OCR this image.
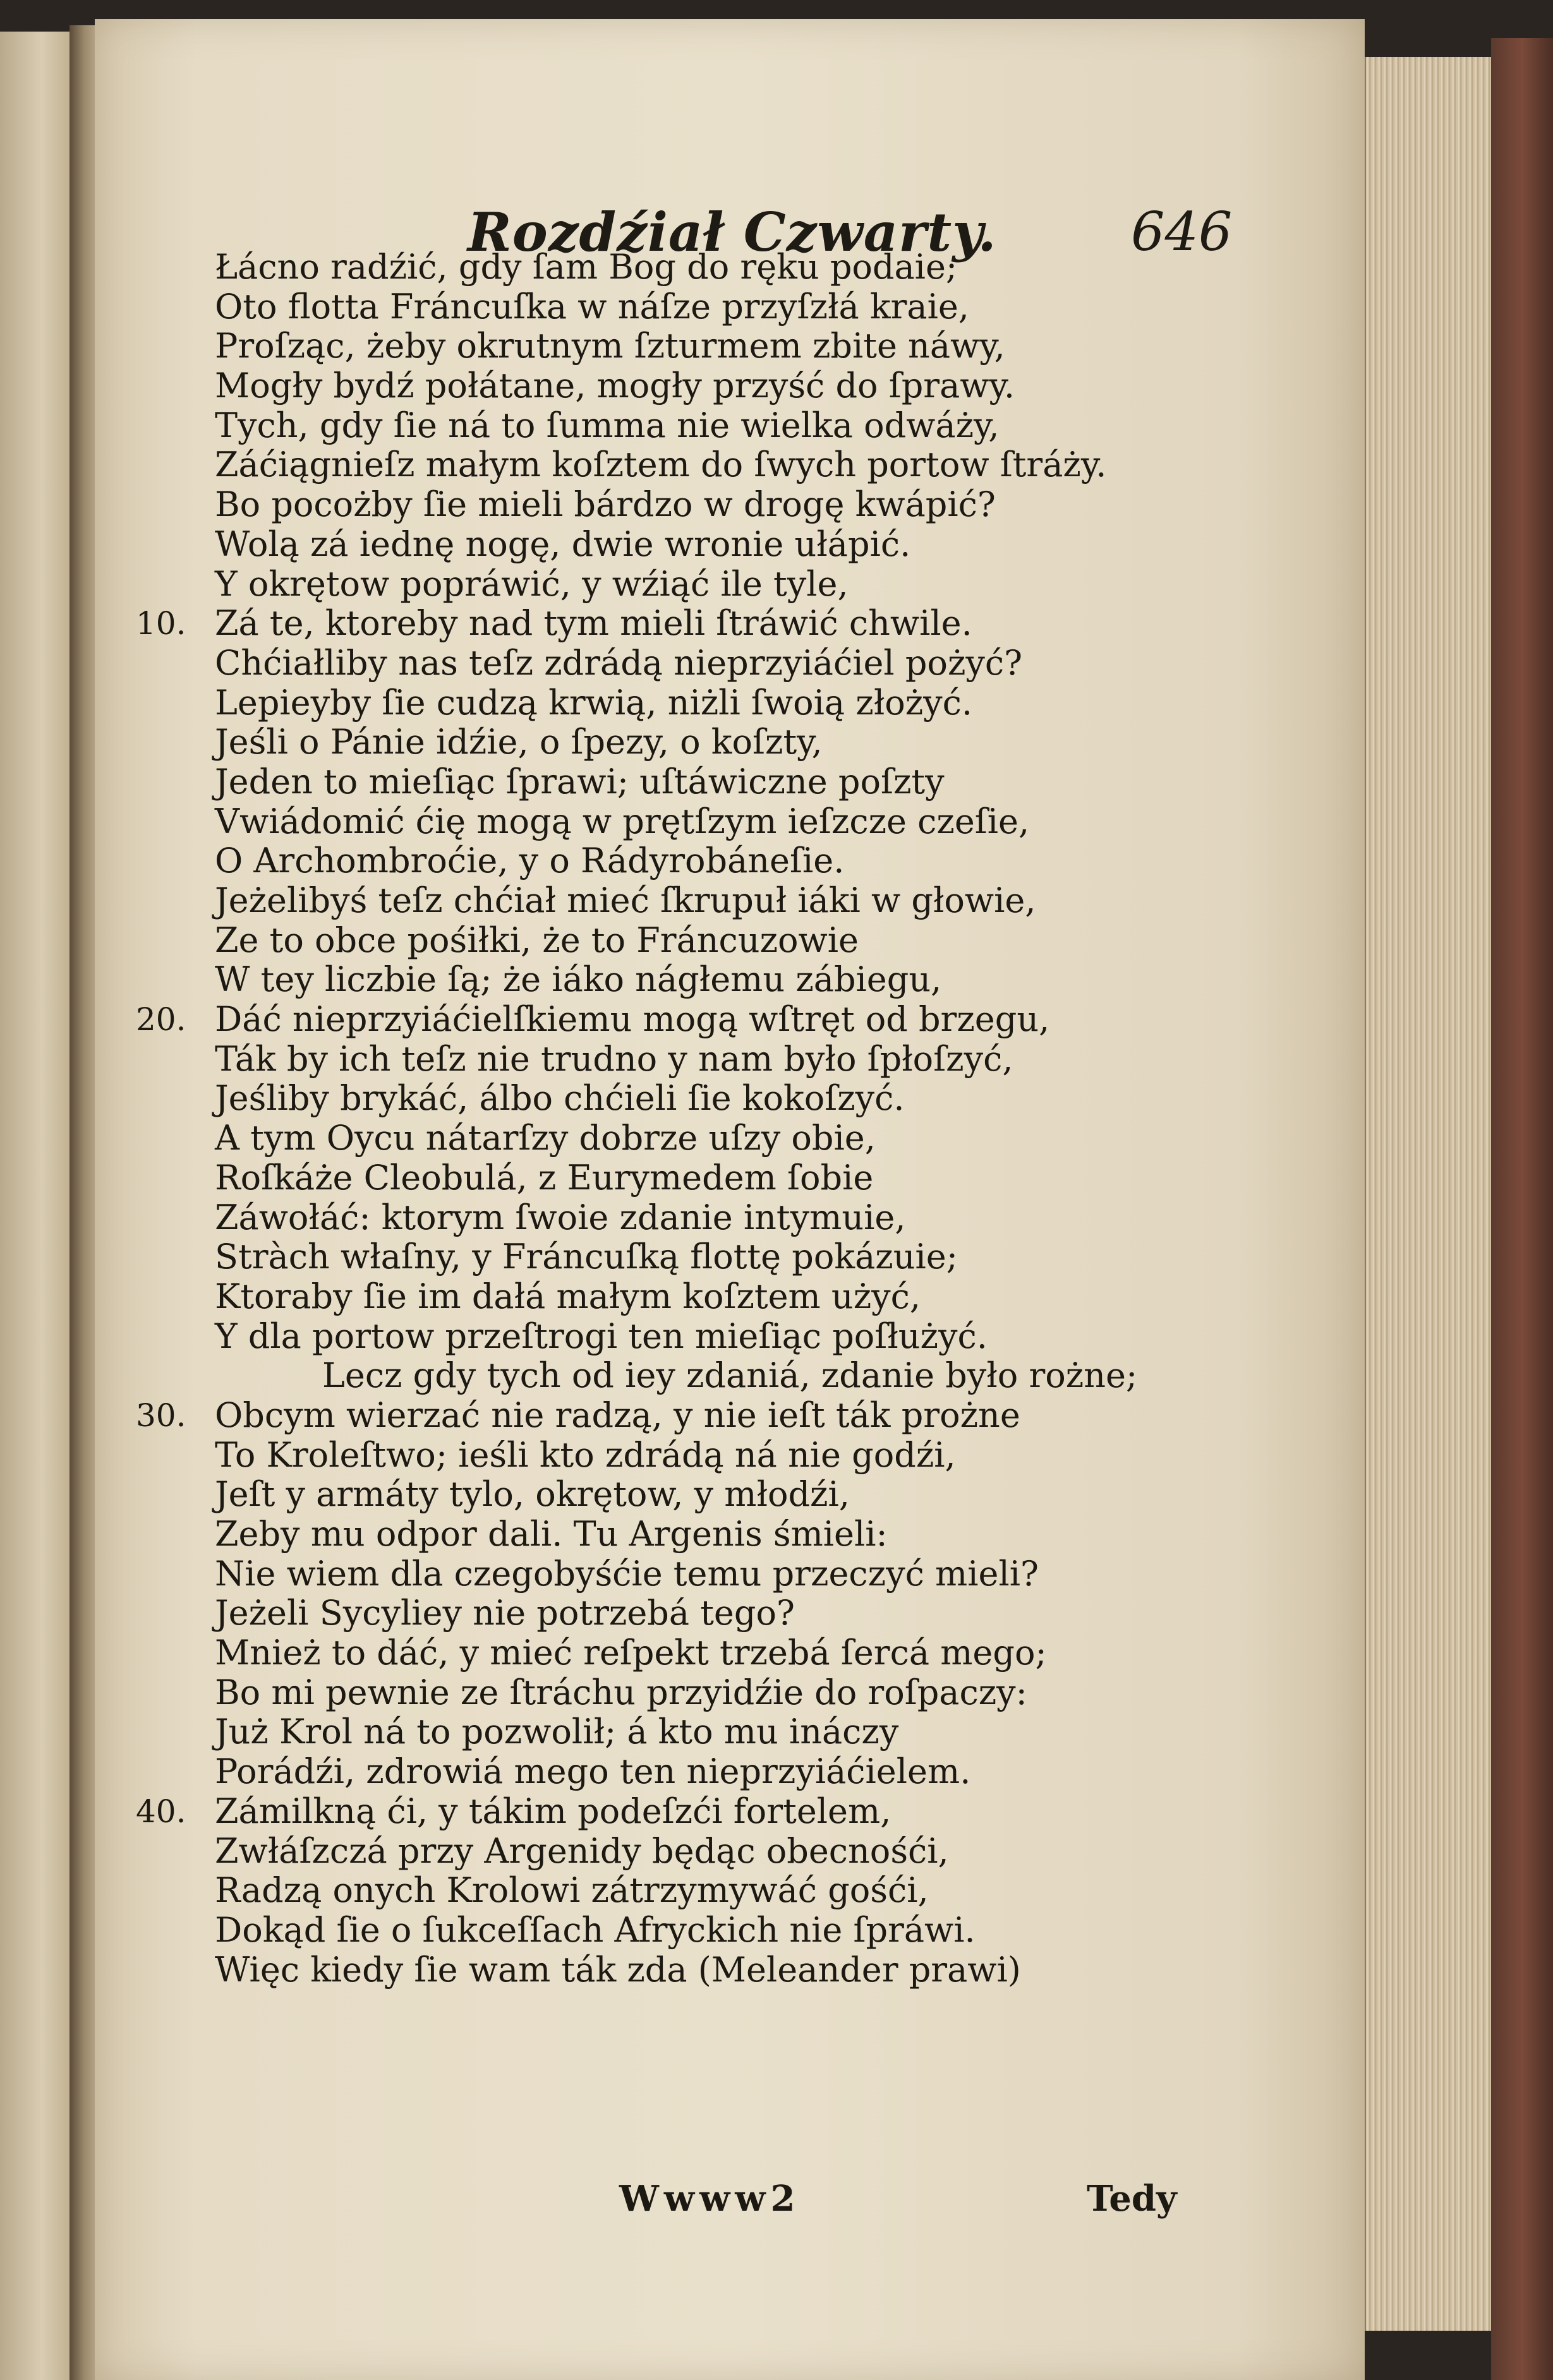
Rozdźiał Czwarty.	646
Łácno radźić, gdy ſam Bog do ręku podaie;
Oto flotta Fráncuſka w náſze przyſzłá kraie,
Proſząc, żeby okrutnym ſzturmem zbite náwy,
Mogły bydź połátane, mogły przyść do ſprawy.
Tych, gdy ſie ná to ſumma nie wielka odwáży,
Záćiągnieſz małym koſztem do ſwych portow ſtráży.
Bo pocożby ſie mieli bárdzo w drogę kwápić?
Wolą zá iednę nogę, dwie wronie ułápić.
Y okrętow popráwić, y wźiąć ile tyle,
10. Zá te, ktoreby nad tym mieli ſtráwić chwile.
Chćiałliby nas teſz zdrádą nieprzyiáćiel pożyć?
Lepieyby ſie cudzą krwią, niżli ſwoią złożyć.
Jeśli o Pánie idźie, o ſpezy, o koſzty,
Jeden to mieſiąc ſprawi; uſtáwiczne poſzty
Vwiádomić ćię mogą w prętſzym ieſzcze czeſie,
O Archombroćie, y o Rádyrobáneſie.
Jeżelibyś teſz chćiał mieć ſkrupuł iáki w głowie,
Ze to obce pośiłki, że to Fráncuzowie
W tey liczbie ſą; że iáko nágłemu zábiegu,
20. Dáć nieprzyiáćielſkiemu mogą wſtręt od brzegu,
Ták by ich teſz nie trudno y nam było ſpłoſzyć,
Jeśliby brykáć, álbo chćieli ſie kokoſzyć.
A tym Oycu nátarſzy dobrze uſzy obie,
Roſkáże Cleobulá, z Eurymedem ſobie
Záwołáć: ktorym ſwoie zdanie intymuie,
Stràch właſny, y Fráncuſką flottę pokázuie;
Ktoraby ſie im dałá małym koſztem użyć,
Y dla portow przeſtrogi ten mieſiąc poſłużyć.
Lecz gdy tych od iey zdaniá, zdanie było rożne;
30. Obcym wierzać nie radzą, y nie ieſt ták prożne
To Kroleſtwo; ieśli kto zdrádą ná nie godźi,
Jeſt y armáty tylo, okrętow, y młodźi,
Zeby mu odpor dali. Tu Argenis śmieli:
Nie wiem dla czegobyśćie temu przeczyć mieli?
Jeżeli Sycyliey nie potrzebá tego?
Mnież to dáć, y mieć reſpekt trzebá ſercá mego;
Bo mi pewnie ze ſtráchu przyidźie do roſpaczy:
Już Krol ná to pozwolił; á kto mu ináczy
Porádźi, zdrowiá mego ten nieprzyiáćielem.
40. Zámilkną ći, y tákim podeſzći fortelem,
Zwłáſzczá przy Argenidy będąc obecnośći,
Radzą onych Krolowi zátrzymywáć gośći,
Dokąd ſie o ſukceſſach Afryckich nie ſpráwi.
Więc kiedy ſie wam ták zda (Meleander prawi)
Wwww2	Tedy
